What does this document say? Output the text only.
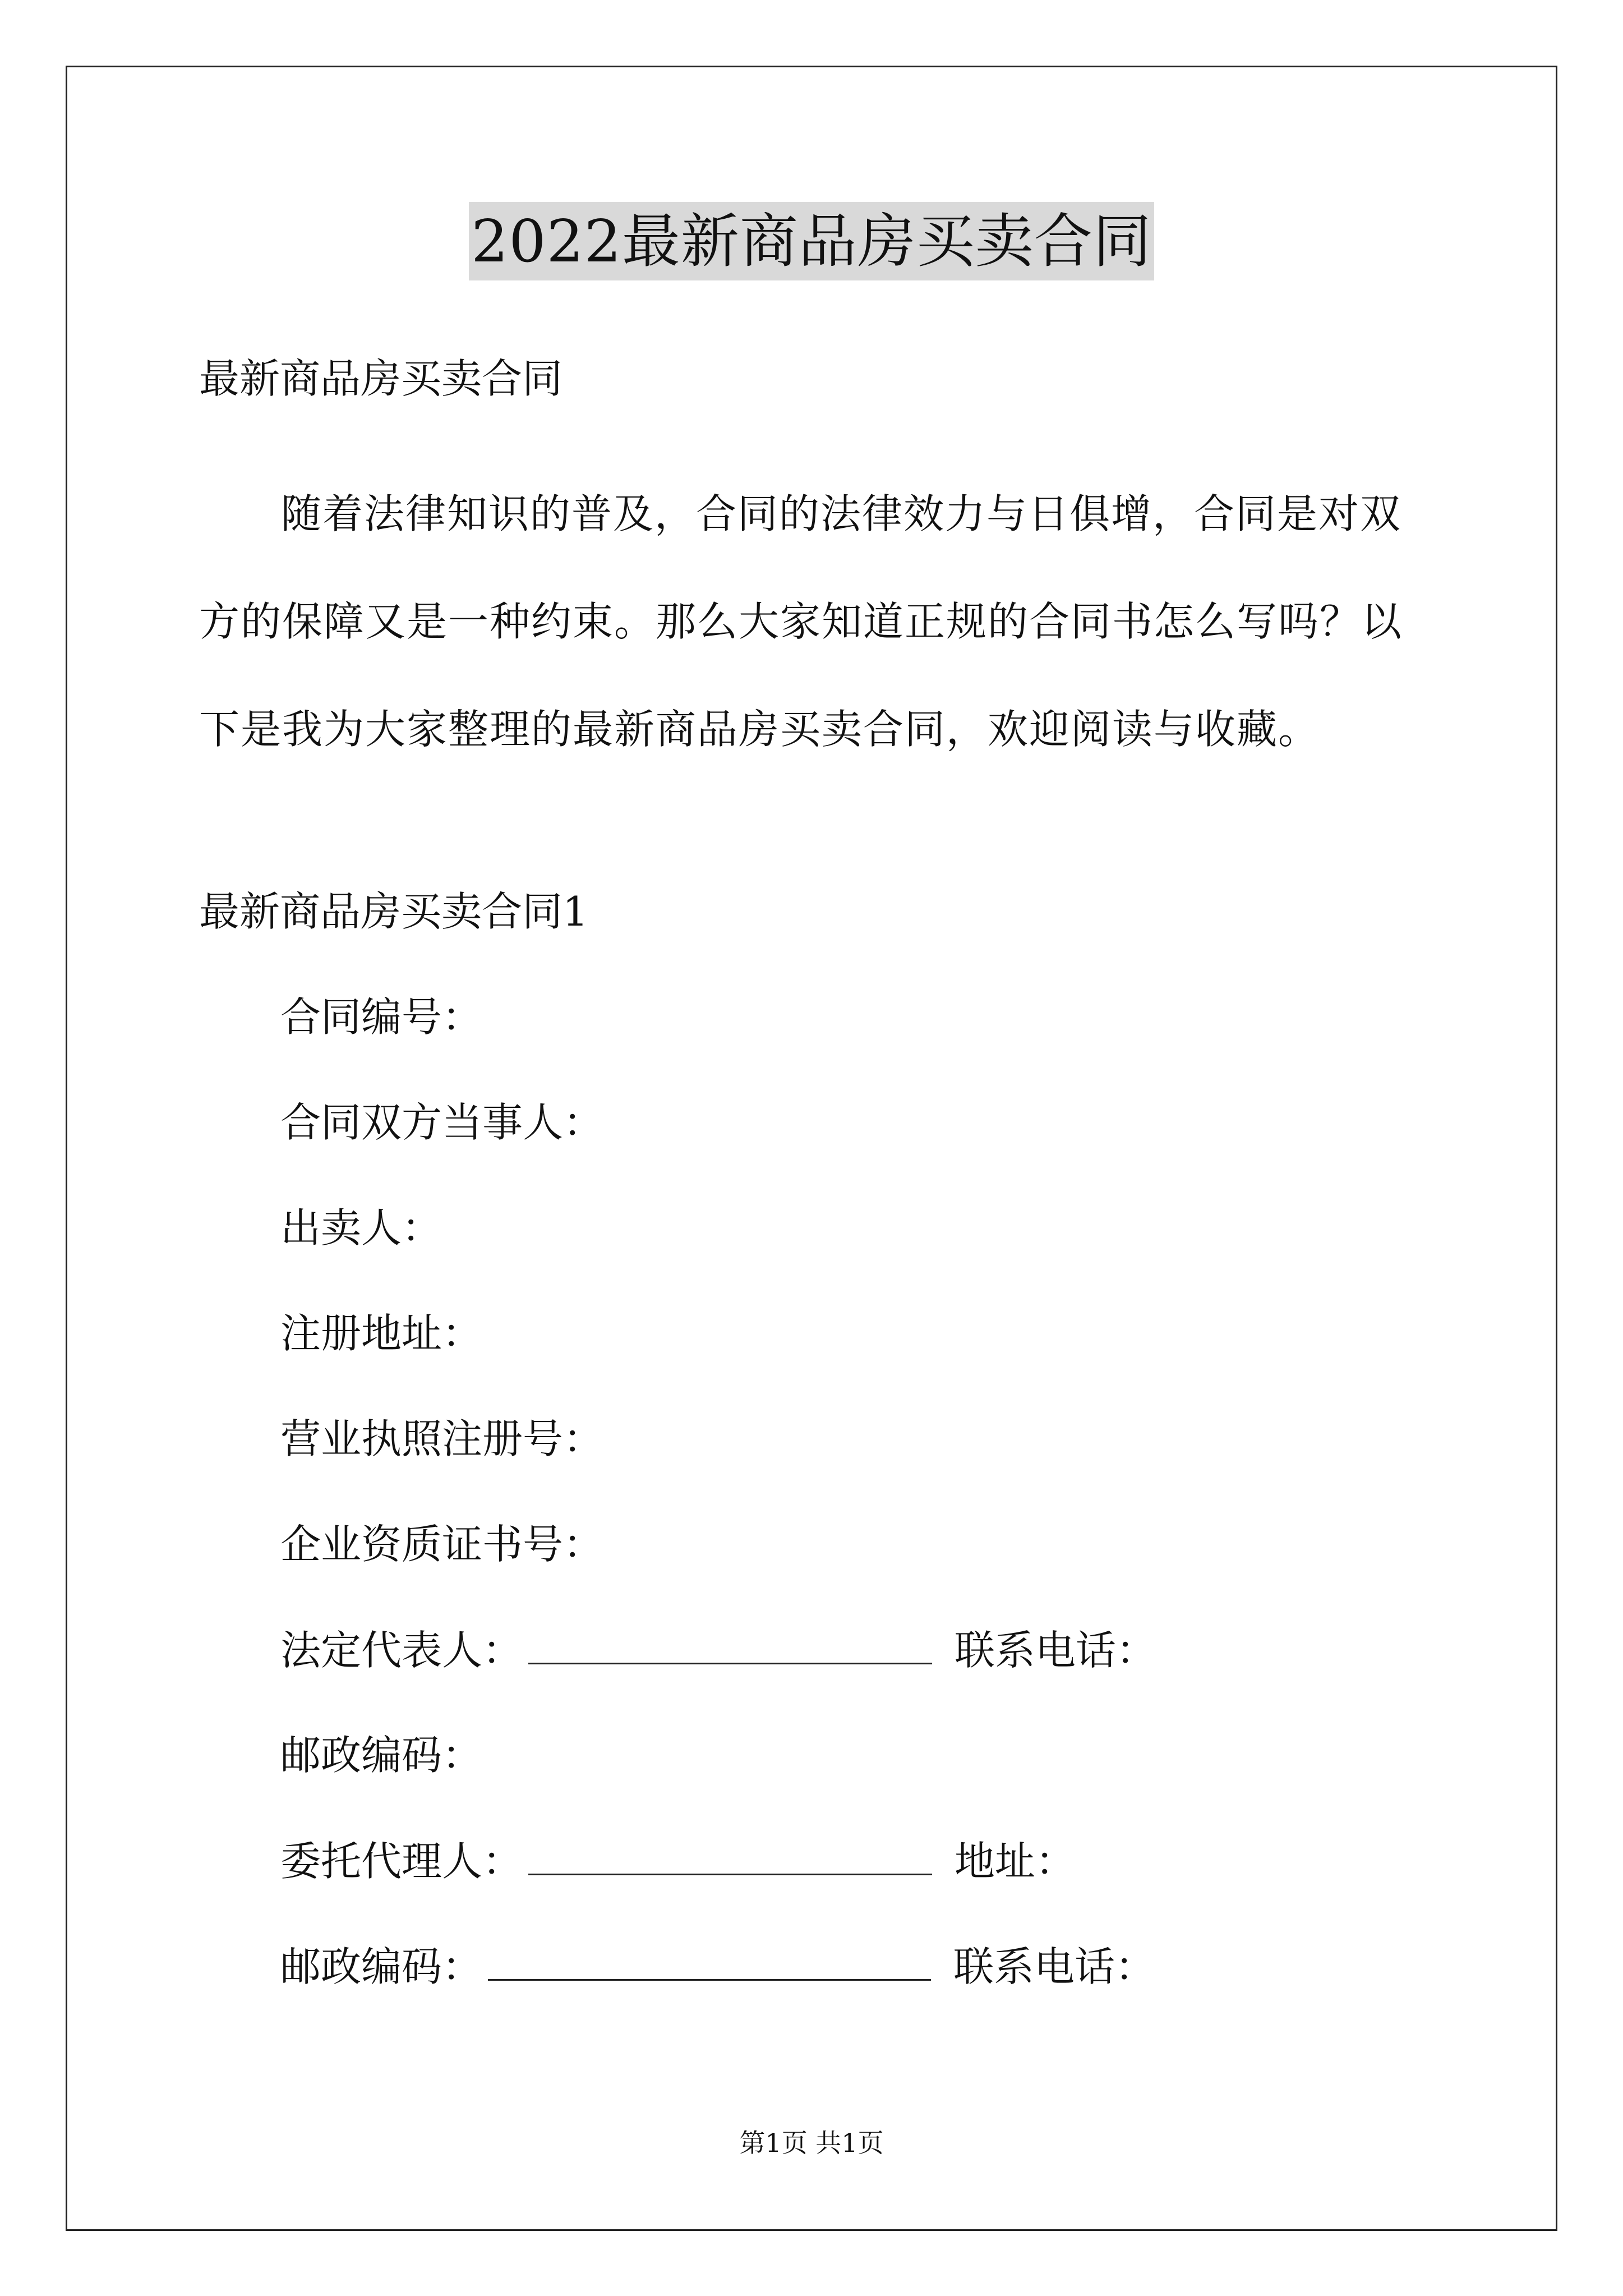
2022最新商品房买卖合同
最新商品房买卖合同

随着法律知识的普及，合同的法律效力与日俱增，合同是对双方的保障又是一种约束。那么大家知道正规的合同书怎么写吗？以下是我为大家整理的最新商品房买卖合同，欢迎阅读与收藏。

最新商品房买卖合同1
合同编号：
合同双方当事人：
出卖人：
注册地址：
营业执照注册号：
企业资质证书号：
法定代表人：	联系电话：
邮政编码：
委托代理人：	地址：
邮政编码：	联系电话：
第1页 共1页
